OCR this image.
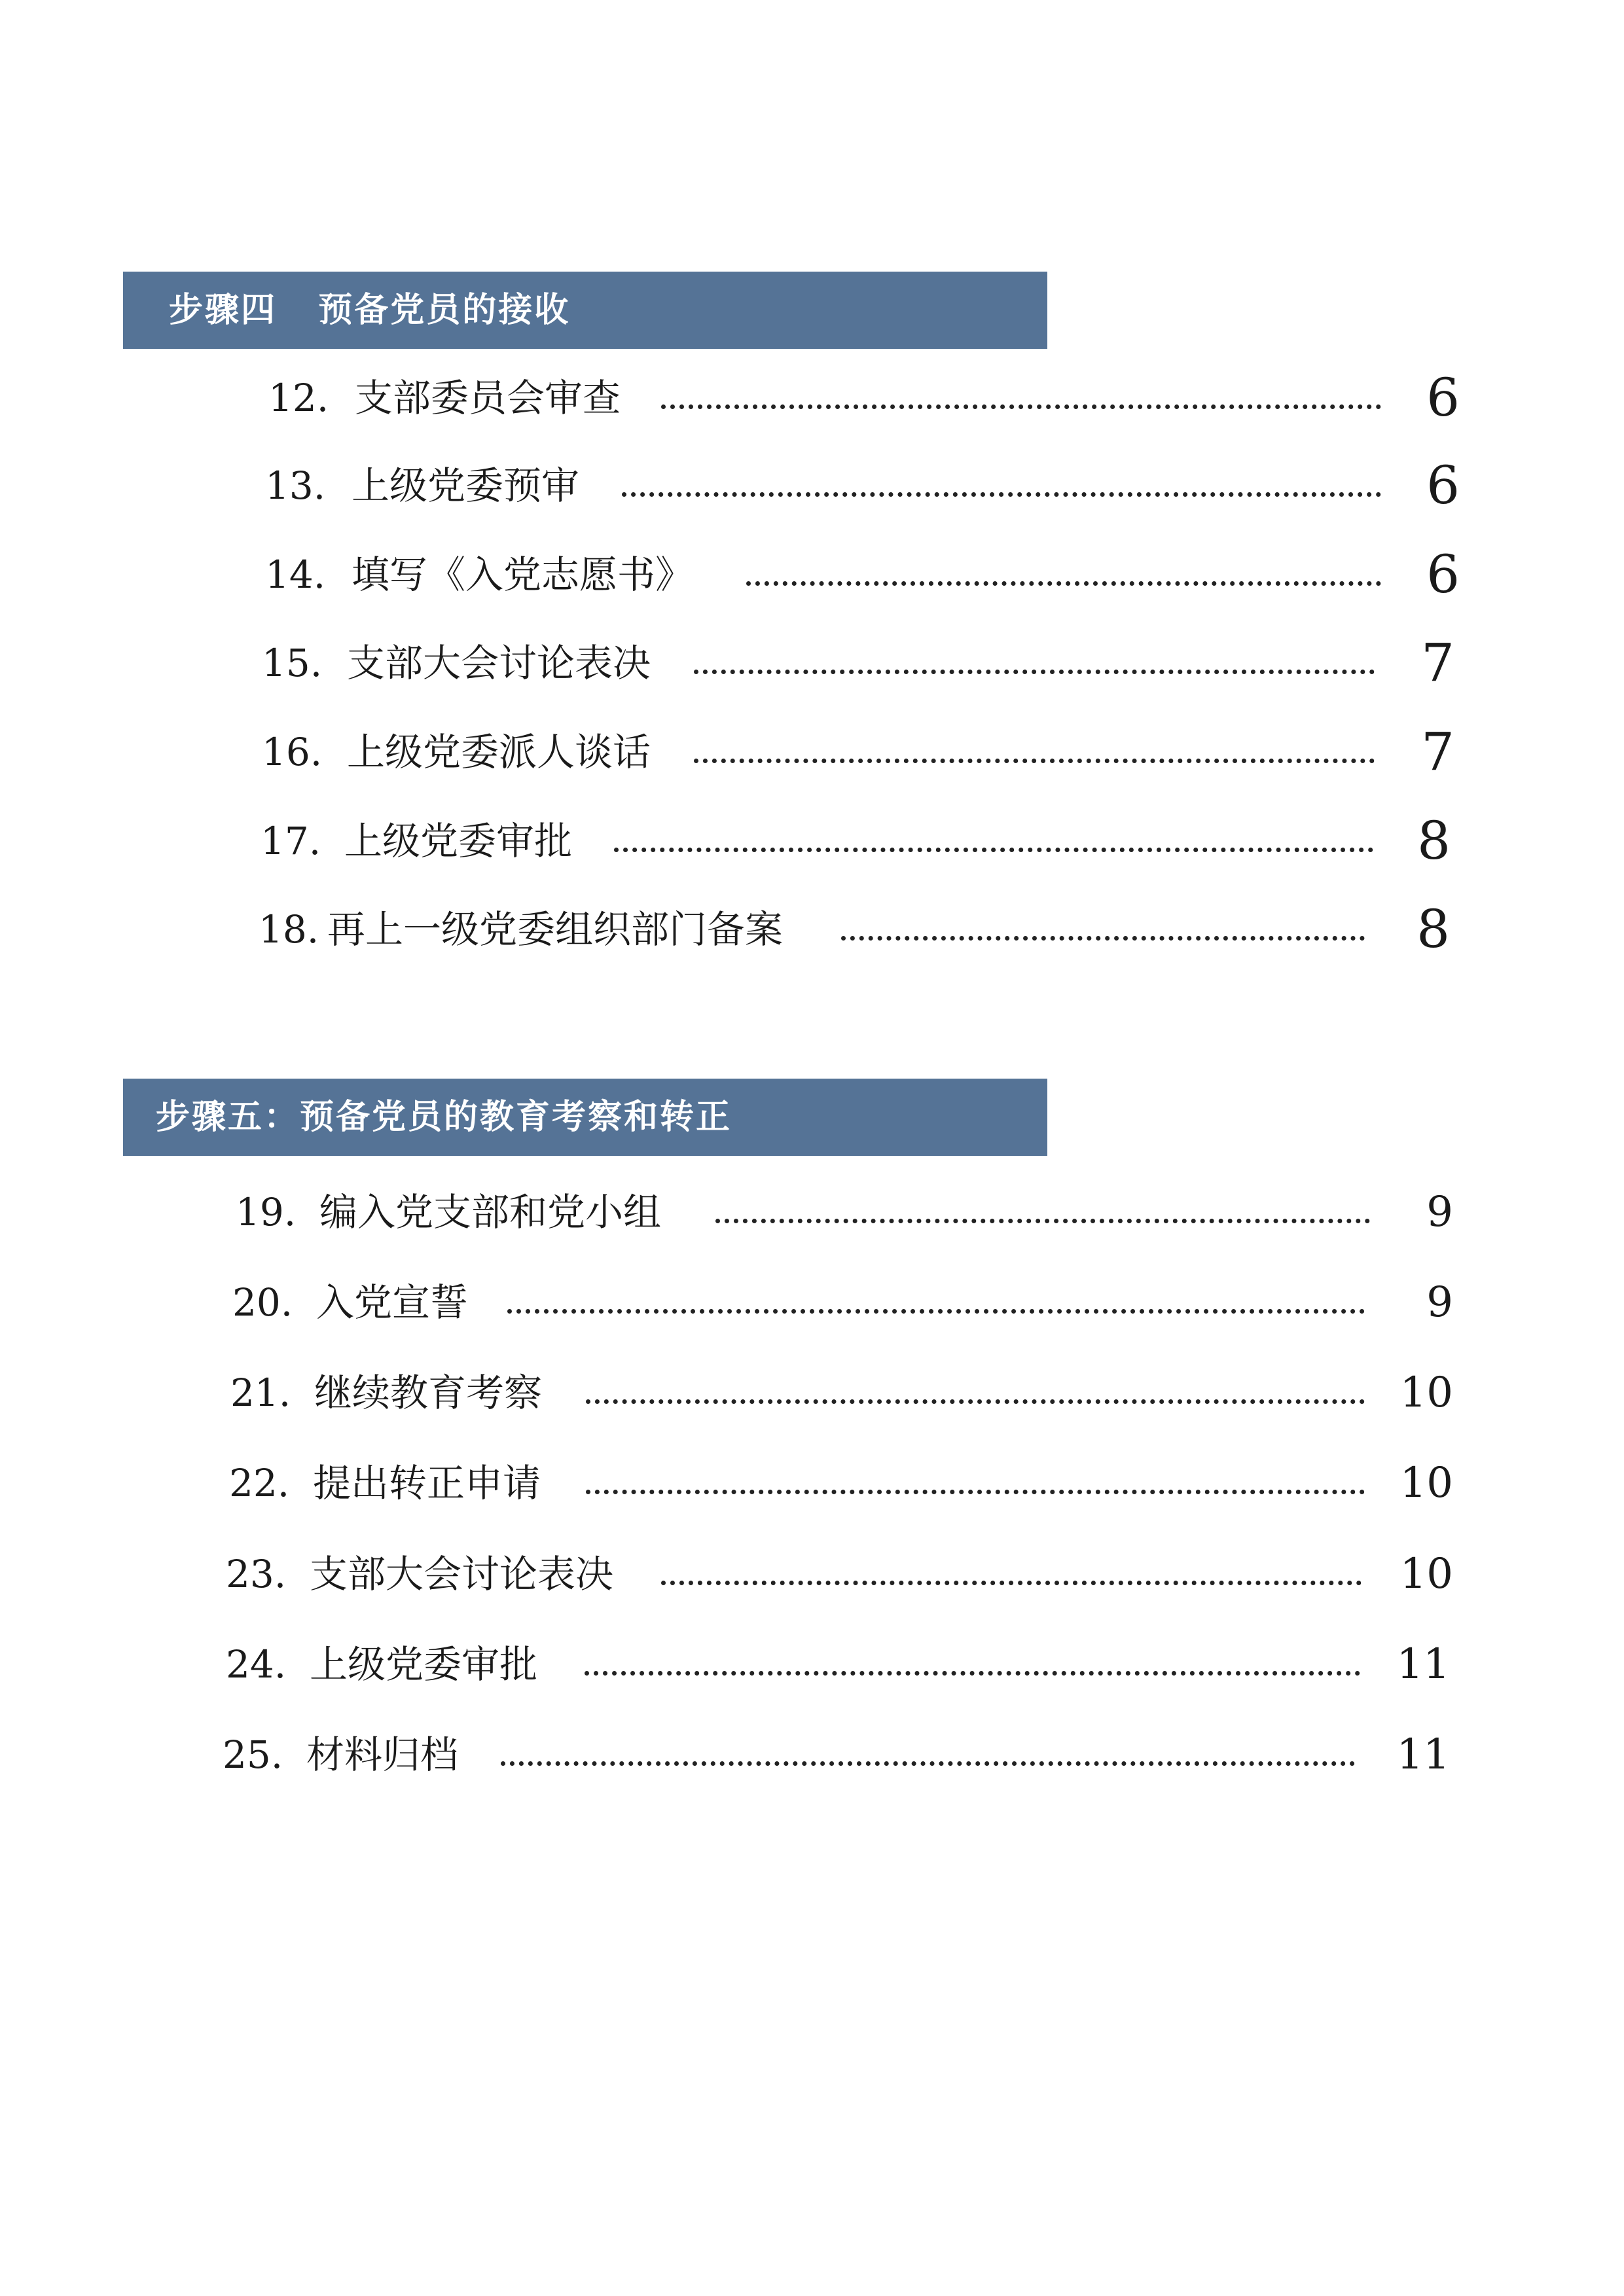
步骤四   预备党员的接收
12. 支部委员会审查	6
13. 上级党委预审	6
14. 填写《入党志愿书》	6
15. 支部大会讨论表决	7
16. 上级党委派人谈话	7
17. 上级党委审批	8
18. 再上一级党委组织部门备案	8
步骤五：预备党员的教育考察和转正
19. 编入党支部和党小组	9
20. 入党宣誓	9
21. 继续教育考察	10
22. 提出转正申请	10
23. 支部大会讨论表决	10
24. 上级党委审批	11
25. 材料归档	11
